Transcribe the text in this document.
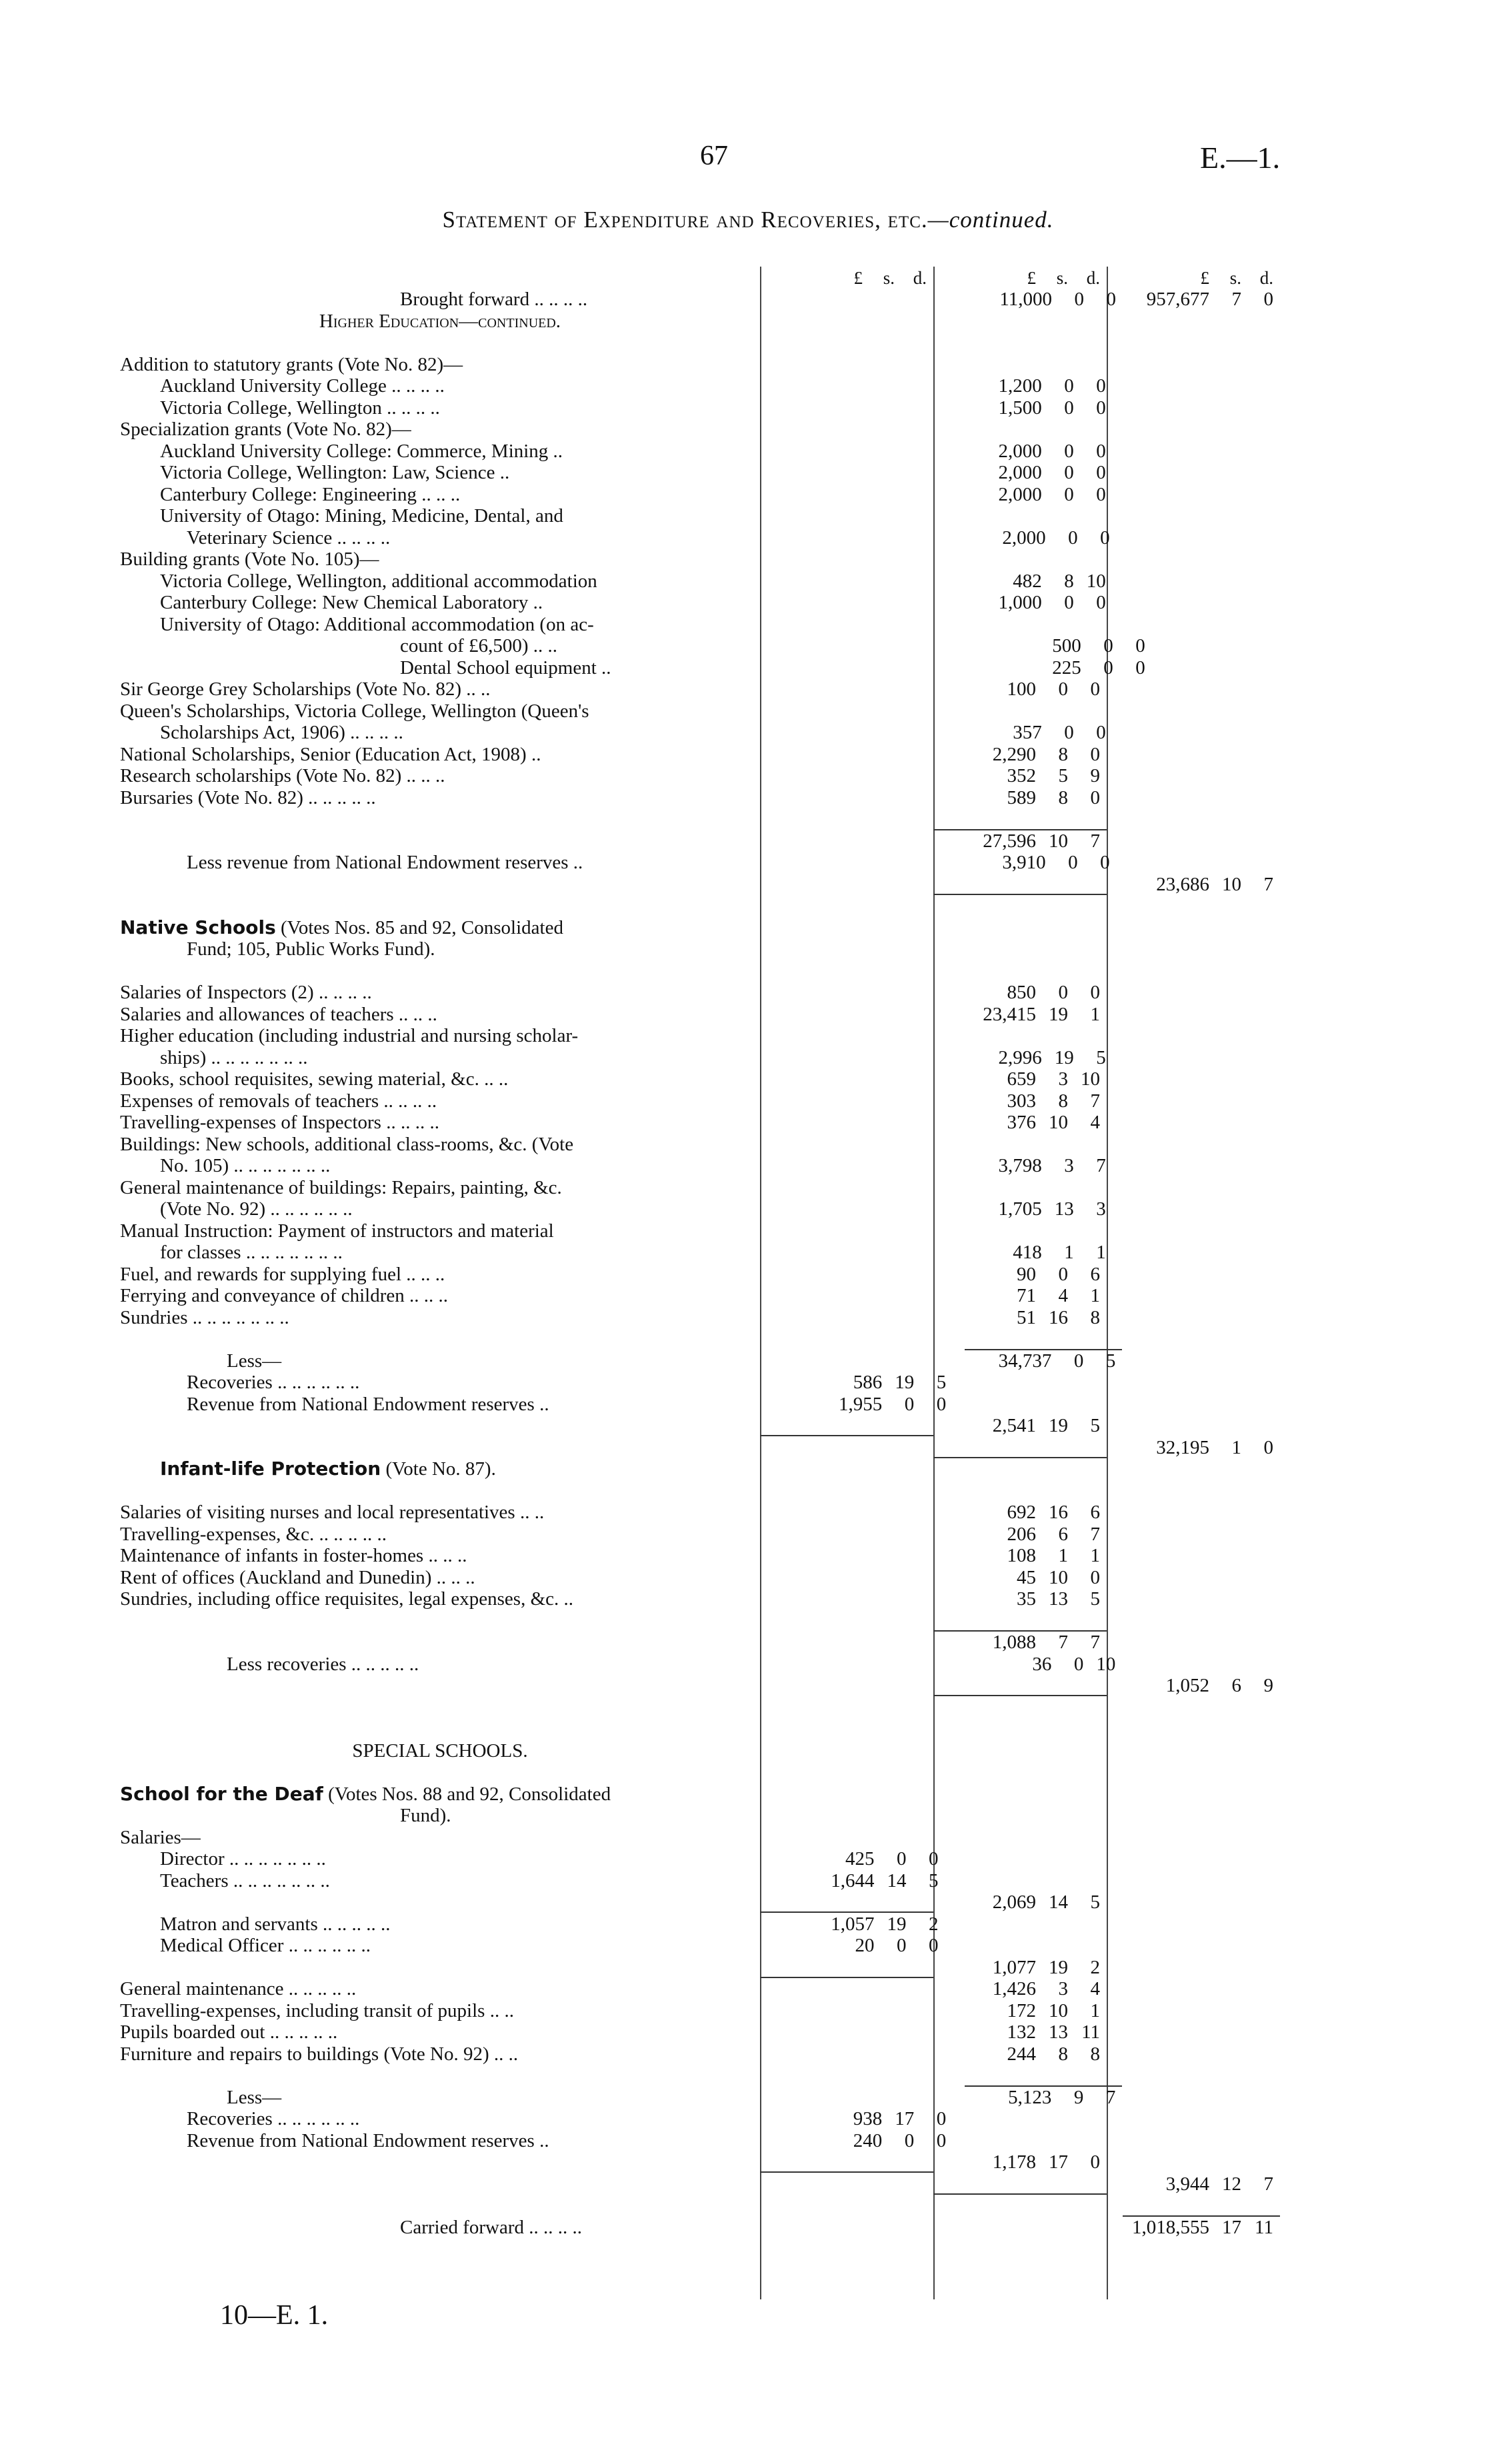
67	E.—1.
Statement of Expenditure and Recoveries, etc.—continued.
£	s.	d.	£	s.	d.	£	s.	d.
Brought forward .. .. .. ..	11,000	0	0	957,677	7	0
Higher Education—continued.
Addition to statutory grants (Vote No. 82)—
Auckland University College .. .. .. ..	1,200	0	0
Victoria College, Wellington .. .. .. ..	1,500	0	0
Specialization grants (Vote No. 82)—
Auckland University College: Commerce, Mining ..	2,000	0	0
Victoria College, Wellington: Law, Science ..	2,000	0	0
Canterbury College: Engineering .. .. ..	2,000	0	0
University of Otago: Mining, Medicine, Dental, and
Veterinary Science .. .. .. ..	2,000	0	0
Building grants (Vote No. 105)—
Victoria College, Wellington, additional accommodation	482	8 10
Canterbury College: New Chemical Laboratory ..	1,000	0	0
University of Otago: Additional accommodation (on ac-
count of £6,500) .. ..	500	0	0
Dental School equipment ..	225	0	0
Sir George Grey Scholarships (Vote No. 82) .. ..	100	0	0
Queen's Scholarships, Victoria College, Wellington (Queen's
Scholarships Act, 1906) .. .. .. ..	357	0	0
National Scholarships, Senior (Education Act, 1908) ..	2,290	8	0
Research scholarships (Vote No. 82) .. .. ..	352	5	9
Bursaries (Vote No. 82) .. .. .. .. ..	589	8	0
27,596 10	7
Less revenue from National Endowment reserves ..	3,910	0	0
23,686 10	7
Native Schools (Votes Nos. 85 and 92, Consolidated
Fund; 105, Public Works Fund).
Salaries of Inspectors (2) .. .. .. ..	850	0	0
Salaries and allowances of teachers .. .. ..	23,415 19	1
Higher education (including industrial and nursing scholar-
ships) .. .. .. .. .. .. ..	2,996 19	5
Books, school requisites, sewing material, &c. .. ..	659	3 10
Expenses of removals of teachers .. .. .. ..	303	8	7
Travelling-expenses of Inspectors .. .. .. ..	376 10	4
Buildings: New schools, additional class-rooms, &c. (Vote
No. 105) .. .. .. .. .. .. ..	3,798	3	7
General maintenance of buildings: Repairs, painting, &c.
(Vote No. 92) .. .. .. .. .. ..	1,705 13	3
Manual Instruction: Payment of instructors and material
for classes .. .. .. .. .. .. ..	418	1	1
Fuel, and rewards for supplying fuel .. .. ..	90	0	6
Ferrying and conveyance of children .. .. ..	71	4	1
Sundries .. .. .. .. .. .. ..	51 16	8
Less—	34,737	0	5
Recoveries .. .. .. .. .. ..	586 19	5
Revenue from National Endowment reserves ..	1,955	0	0
2,541 19	5
32,195	1	0
Infant-life Protection (Vote No. 87).
Salaries of visiting nurses and local representatives .. ..	692 16	6
Travelling-expenses, &c. .. .. .. .. ..	206	6	7
Maintenance of infants in foster-homes .. .. ..	108	1	1
Rent of offices (Auckland and Dunedin) .. .. ..	45 10	0
Sundries, including office requisites, legal expenses, &c. ..	35 13	5
1,088	7	7
Less recoveries .. .. .. .. ..	36	0 10
1,052	6	9
SPECIAL SCHOOLS.
School for the Deaf (Votes Nos. 88 and 92, Consolidated
Fund).
Salaries—
Director .. .. .. .. .. .. ..	425	0	0
Teachers .. .. .. .. .. .. ..	1,644 14	5
2,069 14	5
Matron and servants .. .. .. .. ..	1,057 19	2
Medical Officer .. .. .. .. .. ..	20	0	0
1,077 19	2
General maintenance .. .. .. .. ..	1,426	3	4
Travelling-expenses, including transit of pupils .. ..	172 10	1
Pupils boarded out .. .. .. .. ..	132 13 11
Furniture and repairs to buildings (Vote No. 92) .. ..	244	8	8
Less—	5,123	9	7
Recoveries .. .. .. .. .. ..	938 17	0
Revenue from National Endowment reserves ..	240	0	0
1,178 17	0
3,944 12	7
Carried forward .. .. .. ..	1,018,555 17 11
10—E. 1.
